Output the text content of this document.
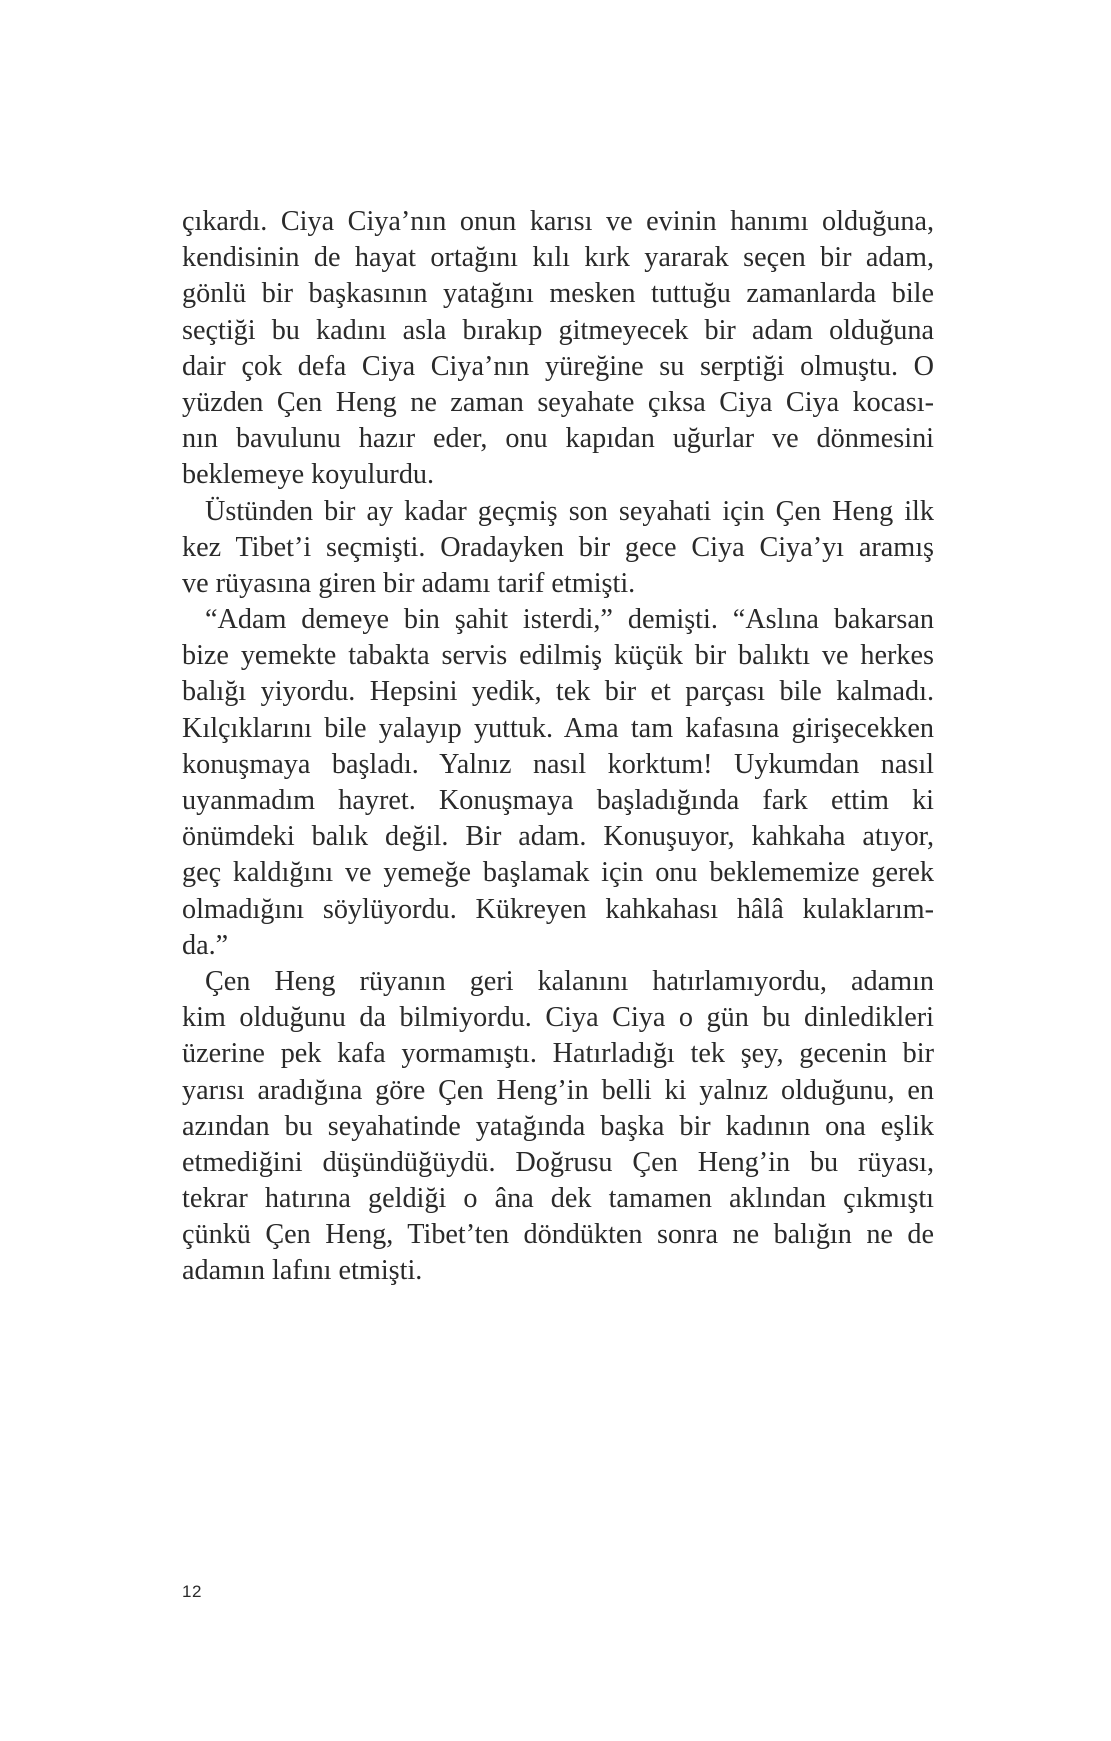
çıkardı. Ciya Ciya’nın onun karısı ve evinin hanımı olduğuna,
kendisinin de hayat ortağını kılı kırk yararak seçen bir adam,
gönlü bir başkasının yatağını mesken tuttuğu zamanlarda bile
seçtiği bu kadını asla bırakıp gitmeyecek bir adam olduğuna
dair çok defa Ciya Ciya’nın yüreğine su serptiği olmuştu. O
yüzden Çen Heng ne zaman seyahate çıksa Ciya Ciya kocası-
nın bavulunu hazır eder, onu kapıdan uğurlar ve dönmesini
beklemeye koyulurdu.
Üstünden bir ay kadar geçmiş son seyahati için Çen Heng ilk
kez Tibet’i seçmişti. Oradayken bir gece Ciya Ciya’yı aramış
ve rüyasına giren bir adamı tarif etmişti.
“Adam demeye bin şahit isterdi,” demişti. “Aslına bakarsan
bize yemekte tabakta servis edilmiş küçük bir balıktı ve herkes
balığı yiyordu. Hepsini yedik, tek bir et parçası bile kalmadı.
Kılçıklarını bile yalayıp yuttuk. Ama tam kafasına girişecekken
konuşmaya başladı. Yalnız nasıl korktum! Uykumdan nasıl
uyanmadım hayret. Konuşmaya başladığında fark ettim ki
önümdeki balık değil. Bir adam. Konuşuyor, kahkaha atıyor,
geç kaldığını ve yemeğe başlamak için onu beklememize gerek
olmadığını söylüyordu. Kükreyen kahkahası hâlâ kulaklarım-
da.”
Çen Heng rüyanın geri kalanını hatırlamıyordu, adamın
kim olduğunu da bilmiyordu. Ciya Ciya o gün bu dinledikleri
üzerine pek kafa yormamıştı. Hatırladığı tek şey, gecenin bir
yarısı aradığına göre Çen Heng’in belli ki yalnız olduğunu, en
azından bu seyahatinde yatağında başka bir kadının ona eşlik
etmediğini düşündüğüydü. Doğrusu Çen Heng’in bu rüyası,
tekrar hatırına geldiği o âna dek tamamen aklından çıkmıştı
çünkü Çen Heng, Tibet’ten döndükten sonra ne balığın ne de
adamın lafını etmişti.
12
